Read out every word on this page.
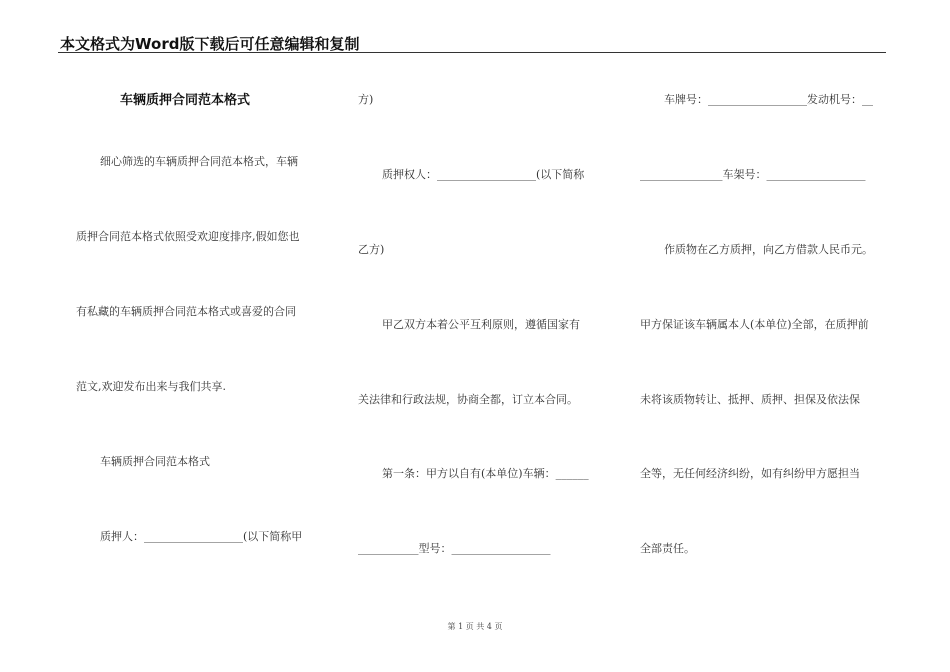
本文格式为Word版下载后可任意编辑和复制
车辆质押合同范本格式
细心筛选的车辆质押合同范本格式，车辆
质押合同范本格式依照受欢迎度排序,假如您也
有私藏的车辆质押合同范本格式或喜爱的合同
范文,欢迎发布出来与我们共享.
车辆质押合同范本格式
质押人：__________________(以下简称甲
方)
质押权人：__________________(以下简称
乙方)
甲乙双方本着公平互利原则，遵循国家有
关法律和行政法规，协商全都，订立本合同。
第一条：甲方以自有(本单位)车辆：______
___________型号：__________________
车牌号：__________________发动机号：__
_______________车架号：__________________
作质物在乙方质押，向乙方借款人民币元。
甲方保证该车辆属本人(本单位)全部，在质押前
未将该质物转让、抵押、质押、担保及依法保
全等，无任何经济纠纷，如有纠纷甲方愿担当
全部责任。
第 1 页 共 4 页
